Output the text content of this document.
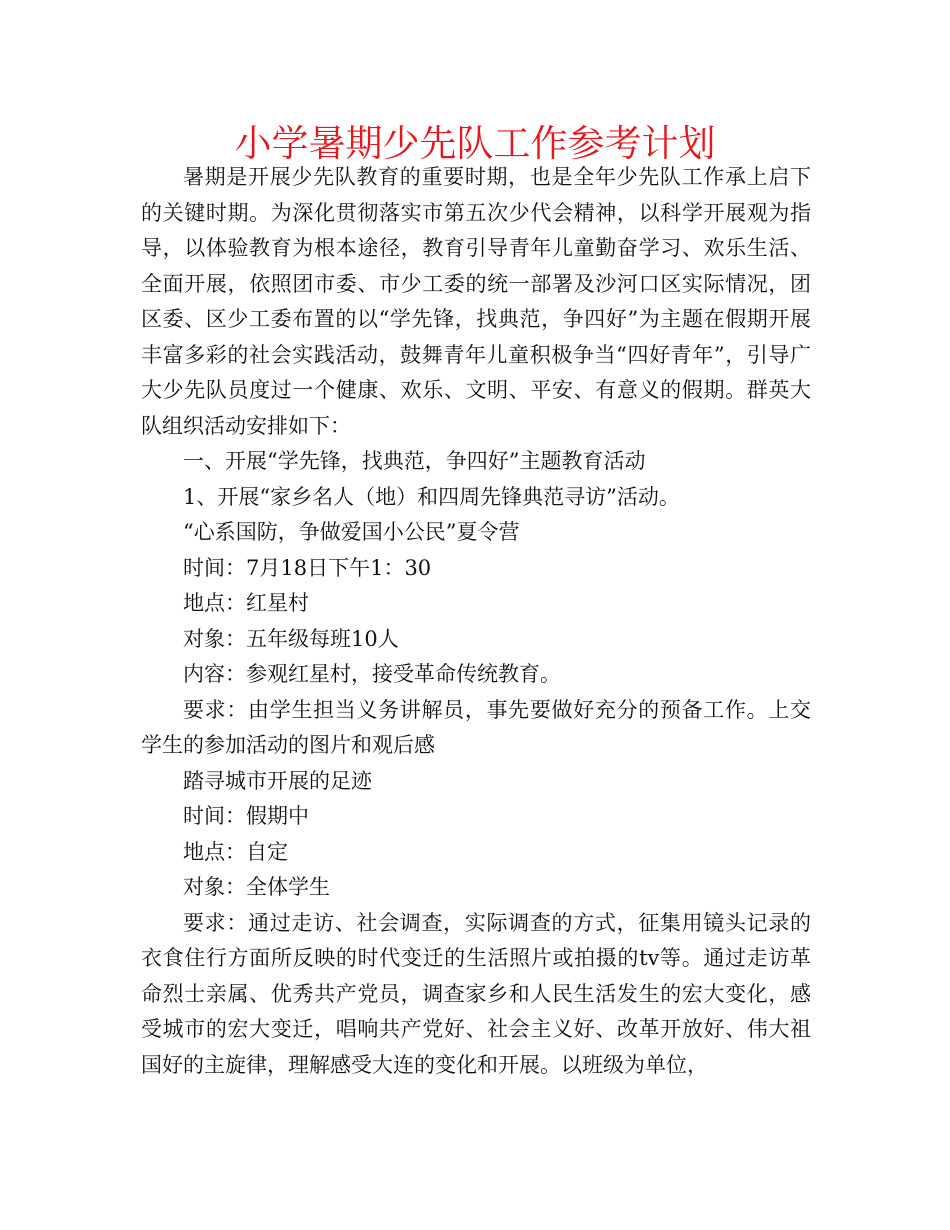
小学暑期少先队工作参考计划

暑期是开展少先队教育的重要时期，也是全年少先队工作承上启下的关键时期。为深化贯彻落实市第五次少代会精神，以科学开展观为指导，以体验教育为根本途径，教育引导青年儿童勤奋学习、欢乐生活、全面开展，依照团市委、市少工委的统一部署及沙河口区实际情况，团区委、区少工委布置的以“学先锋，找典范，争四好”为主题在假期开展丰富多彩的社会实践活动，鼓舞青年儿童积极争当“四好青年”，引导广大少先队员度过一个健康、欢乐、文明、平安、有意义的假期。群英大队组织活动安排如下：

一、开展“学先锋，找典范，争四好”主题教育活动

1、开展“家乡名人（地）和四周先锋典范寻访”活动。

“心系国防，争做爱国小公民”夏令营

时间：7月18日下午1：30

地点：红星村

对象：五年级每班10人

内容：参观红星村，接受革命传统教育。

要求：由学生担当义务讲解员，事先要做好充分的预备工作。上交学生的参加活动的图片和观后感

踏寻城市开展的足迹

时间：假期中

地点：自定

对象：全体学生

要求：通过走访、社会调查，实际调查的方式，征集用镜头记录的衣食住行方面所反映的时代变迁的生活照片或拍摄的tv等。通过走访革命烈士亲属、优秀共产党员，调查家乡和人民生活发生的宏大变化，感受城市的宏大变迁，唱响共产党好、社会主义好、改革开放好、伟大祖国好的主旋律，理解感受大连的变化和开展。以班级为单位，
